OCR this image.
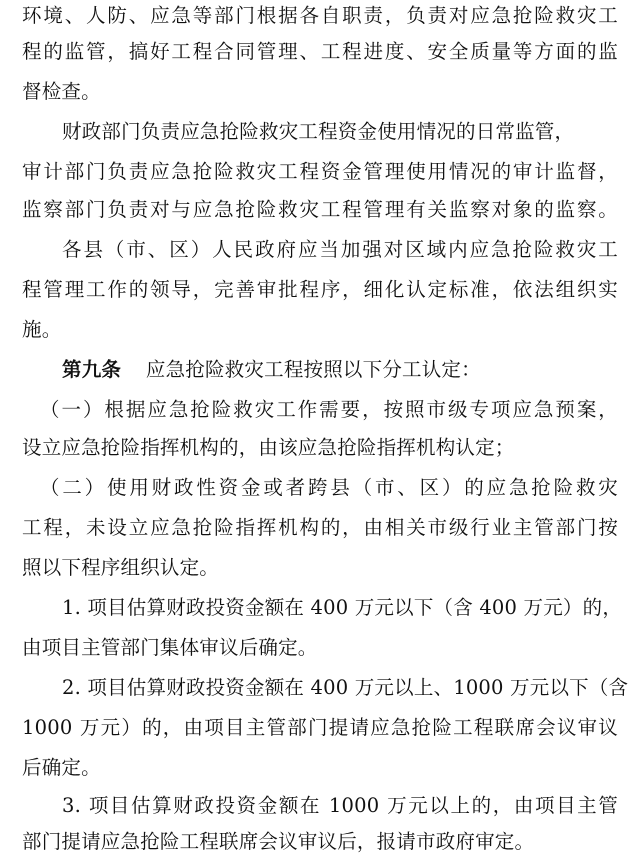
环境、人防、应急等部门根据各自职责，负责对应急抢险救灾工
程的监管，搞好工程合同管理、工程进度、安全质量等方面的监
督检查。
财政部门负责应急抢险救灾工程资金使用情况的日常监管，
审计部门负责应急抢险救灾工程资金管理使用情况的审计监督，
监察部门负责对与应急抢险救灾工程管理有关监察对象的监察。
各县（市、区）人民政府应当加强对区域内应急抢险救灾工
程管理工作的领导，完善审批程序，细化认定标准，依法组织实
施。
第九条 应急抢险救灾工程按照以下分工认定：
（一）根据应急抢险救灾工作需要，按照市级专项应急预案，
设立应急抢险指挥机构的，由该应急抢险指挥机构认定；
（二）使用财政性资金或者跨县（市、区）的应急抢险救灾
工程，未设立应急抢险指挥机构的，由相关市级行业主管部门按
照以下程序组织认定。
1. 项目估算财政投资金额在 400 万元以下（含 400 万元）的，
由项目主管部门集体审议后确定。
2. 项目估算财政投资金额在 400 万元以上、1000 万元以下（含
1000 万元）的，由项目主管部门提请应急抢险工程联席会议审议
后确定。
3. 项目估算财政投资金额在 1000 万元以上的，由项目主管
部门提请应急抢险工程联席会议审议后，报请市政府审定。
